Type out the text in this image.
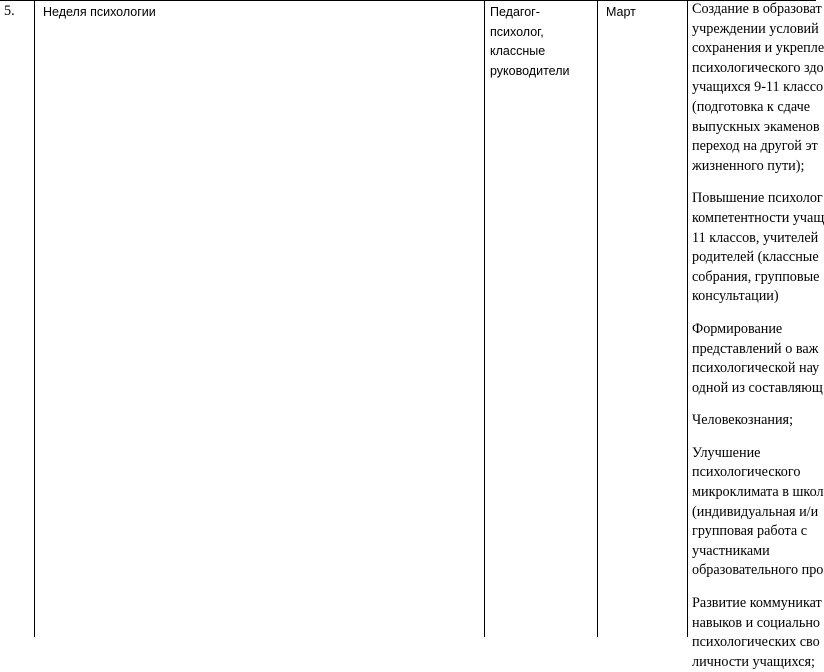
5.	Неделя психологии	Педагог-
психолог,
классные
руководители
Март	Создание в образоват
учреждении условий
сохранения и укрепле
психологического здо
учащихся 9-11 классо
(подготовка к сдаче
выпускных экаменов
переход на другой эт
жизненного пути);
Повышение психолог
компетентности учащ
11 классов, учителей
родителей (классные
собрания, групповые
консультации)
Формирование
представлений о важ
психологической нау
одной из составляющ
Человекознания;
Улучшение
психологического
микроклимата в школ
(индивидуальная и/и
групповая работа с
участниками
образовательного про
Развитие коммуникат
навыков и социально
психологических сво
личности учащихся;
